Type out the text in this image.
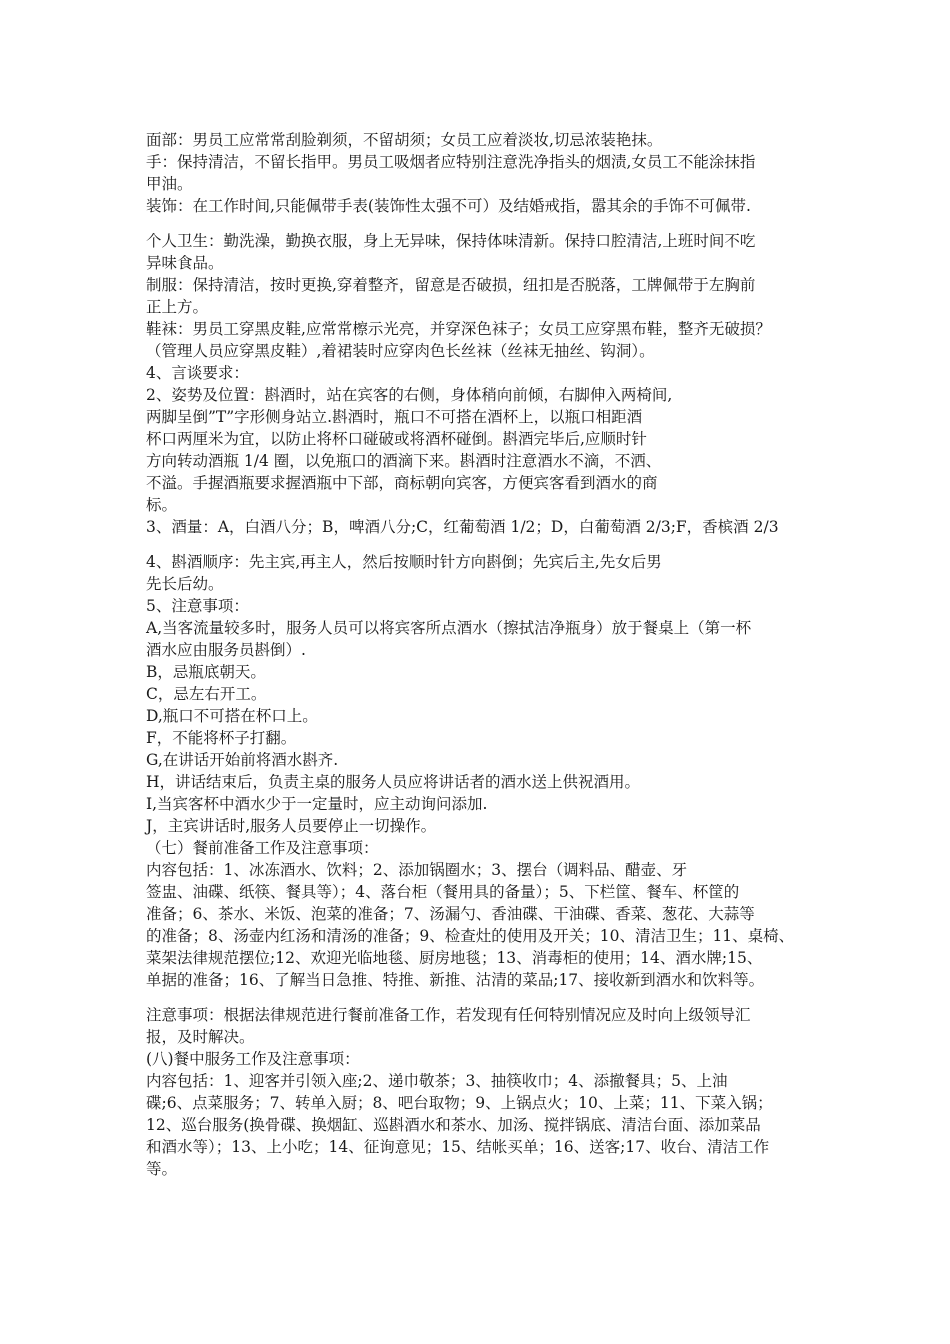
面部：男员工应常常刮脸剃须，不留胡须；女员工应着淡妆,切忌浓装艳抹。
手：保持清洁，不留长指甲。男员工吸烟者应特别注意洗净指头的烟渍,女员工不能涂抹指
甲油。
装饰：在工作时间,只能佩带手表(装饰性太强不可）及结婚戒指，嚣其余的手饰不可佩带.
个人卫生：勤洗澡，勤换衣服，身上无异味，保持体味清新。保持口腔清洁,上班时间不吃
异味食品。
制服：保持清洁，按时更换,穿着整齐，留意是否破损，纽扣是否脱落，工牌佩带于左胸前
正上方。
鞋袜：男员工穿黑皮鞋,应常常檫示光亮，并穿深色袜子；女员工应穿黑布鞋，整齐无破损？
（管理人员应穿黑皮鞋）,着裙装时应穿肉色长丝袜（丝袜无抽丝、钩洞）。
4、言谈要求：
2、姿势及位置：斟酒时，站在宾客的右侧，身体稍向前倾，右脚伸入两椅间,
两脚呈倒”T”字形侧身站立.斟酒时，瓶口不可搭在酒杯上，以瓶口相距酒
杯口两厘米为宜，以防止将杯口碰破或将酒杯碰倒。斟酒完毕后,应顺时针
方向转动酒瓶 1/4 圈，以免瓶口的酒滴下来。斟酒时注意酒水不滴，不洒、
不溢。手握酒瓶要求握酒瓶中下部，商标朝向宾客，方便宾客看到酒水的商
标。
3、酒量：A，白酒八分；B，啤酒八分;C，红葡萄酒 1/2；D，白葡萄酒 2/3;F，香槟酒 2/3
4、斟酒顺序：先主宾,再主人，然后按顺时针方向斟倒；先宾后主,先女后男
先长后幼。
5、注意事项：
A,当客流量较多时，服务人员可以将宾客所点酒水（擦拭洁净瓶身）放于餐桌上（第一杯
酒水应由服务员斟倒）.
B，忌瓶底朝天。
C，忌左右开工。
D,瓶口不可搭在杯口上。
F，不能将杯子打翻。
G,在讲话开始前将酒水斟齐.
H，讲话结束后，负责主桌的服务人员应将讲话者的酒水送上供祝酒用。
I,当宾客杯中酒水少于一定量时，应主动询问添加.
J，主宾讲话时,服务人员要停止一切操作。
（七）餐前准备工作及注意事项：
内容包括：1、冰冻酒水、饮料；2、添加锅圈水；3、摆台（调料品、醋壶、牙
签盅、油碟、纸筷、餐具等）；4、落台柜（餐用具的备量）；5、下栏筐、餐车、杯筐的
准备；6、茶水、米饭、泡菜的准备；7、汤漏勺、香油碟、干油碟、香菜、葱花、大蒜等
的准备；8、汤壶内红汤和清汤的准备；9、检查灶的使用及开关；10、清洁卫生；11、桌椅、
菜架法律规范摆位;12、欢迎光临地毯、厨房地毯；13、消毒柜的使用；14、酒水牌;15、
单据的准备；16、了解当日急推、特推、新推、沽清的菜品;17、接收新到酒水和饮料等。
注意事项：根据法律规范进行餐前准备工作，若发现有任何特别情况应及时向上级领导汇
报，及时解决。
(八)餐中服务工作及注意事项：
内容包括：1、迎客并引领入座;2、递巾敬茶；3、抽筷收巾；4、添撤餐具；5、上油
碟;6、点菜服务；7、转单入厨；8、吧台取物；9、上锅点火；10、上菜；11、下菜入锅；
12、巡台服务(换骨碟、换烟缸、巡斟酒水和茶水、加汤、搅拌锅底、清洁台面、添加菜品
和酒水等）；13、上小吃；14、征询意见；15、结帐买单；16、送客;17、收台、清洁工作
等。
